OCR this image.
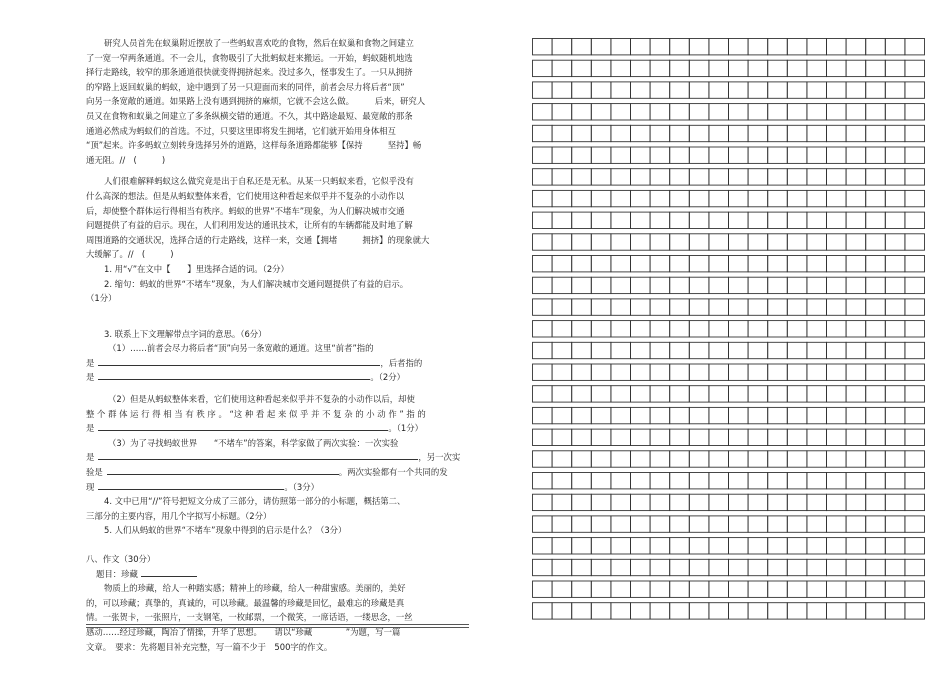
研究人员首先在蚁巢附近摆放了一些蚂蚁喜欢吃的食物，然后在蚁巢和食物之间建立

了一宽一窄两条通道。不一会儿，食物吸引了大批蚂蚁赶来搬运。一开始，蚂蚁随机地选

择行走路线，较窄的那条通道很快就变得拥挤起来。没过多久，怪事发生了。一只从拥挤

的窄路上返回蚁巢的蚂蚁，途中遇到了另一只迎面而来的同伴，前者会尽力将后者“顶”

向另一条宽敞的通道。如果路上没有遇到拥挤的麻烦，它就不会这么做。　　　后来，研究人

员又在食物和蚁巢之间建立了多条纵横交错的通道。不久，其中路途最短、最宽敞的那条

通道必然成为蚂蚁们的首选。不过，只要这里即将发生拥堵，它们就开始用身体相互

“顶”起来。许多蚂蚁立刻转身选择另外的道路，这样每条道路都能够【保持　　　坚持】畅

通无阻。//　(　　　)

人们很难解释蚂蚁这么做究竟是出于自私还是无私。从某一只蚂蚁来看，它似乎没有

什么高深的想法。但是从蚂蚁整体来看，它们使用这种看起来似乎并不复杂的小动作以

后，却使整个群体运行得相当有秩序。蚂蚁的世界“不堵车”现象，为人们解决城市交通

问题提供了有益的启示。现在，人们利用发达的通讯技术，让所有的车辆都能及时地了解

周围道路的交通状况，选择合适的行走路线，这样一来，交通【拥堵　　　拥挤】的现象就大

大缓解了。//　(　　　)

1. 用“√”在文中【　　】里选择合适的词。（2分）

2. 缩句：蚂蚁的世界“不堵车”现象，为人们解决城市交通问题提供了有益的启示。

（1分）

3. 联系上下文理解带点字词的意思。（6分）

（1）……前者会尽力将后者“顶”向另一条宽敞的通道。这里“前者”指的

是	，后者指的

是	。（2分）

（2）但是从蚂蚁整体来看，它们使用这种看起来似乎并不复杂的小动作以后，却使

整 个 群 体 运 行 得 相 当 有 秩 序 。 “这 种 看 起 来 似 乎 并 不 复 杂 的 小 动 作 ” 指 的

是	。（1分）

（3）为了寻找蚂蚁世界　　“不堵车”的答案，科学家做了两次实验：一次实验

是	，另一次实

验是	。两次实验都有一个共同的发

现	。（3分）

4. 文中已用“//”符号把短文分成了三部分，请仿照第一部分的小标题，概括第二、

三部分的主要内容，用几个字拟写小标题。（2分）

5. 人们从蚂蚁的世界“不堵车”现象中得到的启示是什么？（3分）

八、作文（30分）

题目：珍藏

物质上的珍藏，给人一种踏实感；精神上的珍藏，给人一种甜蜜感。美丽的，美好

的，可以珍藏；真挚的，真诚的，可以珍藏。最温馨的珍藏是回忆，最难忘的珍藏是真

情。一张贺卡，一张照片，一支钢笔，一枚邮票，一个微笑，一席话语，一缕思念，一丝

感动……经过珍藏，陶冶了情操，升华了思想。　　请以“珍藏　　　　”为题，写一篇

文章。　要求：先将题目补充完整，写一篇不少于　500字的作文。
